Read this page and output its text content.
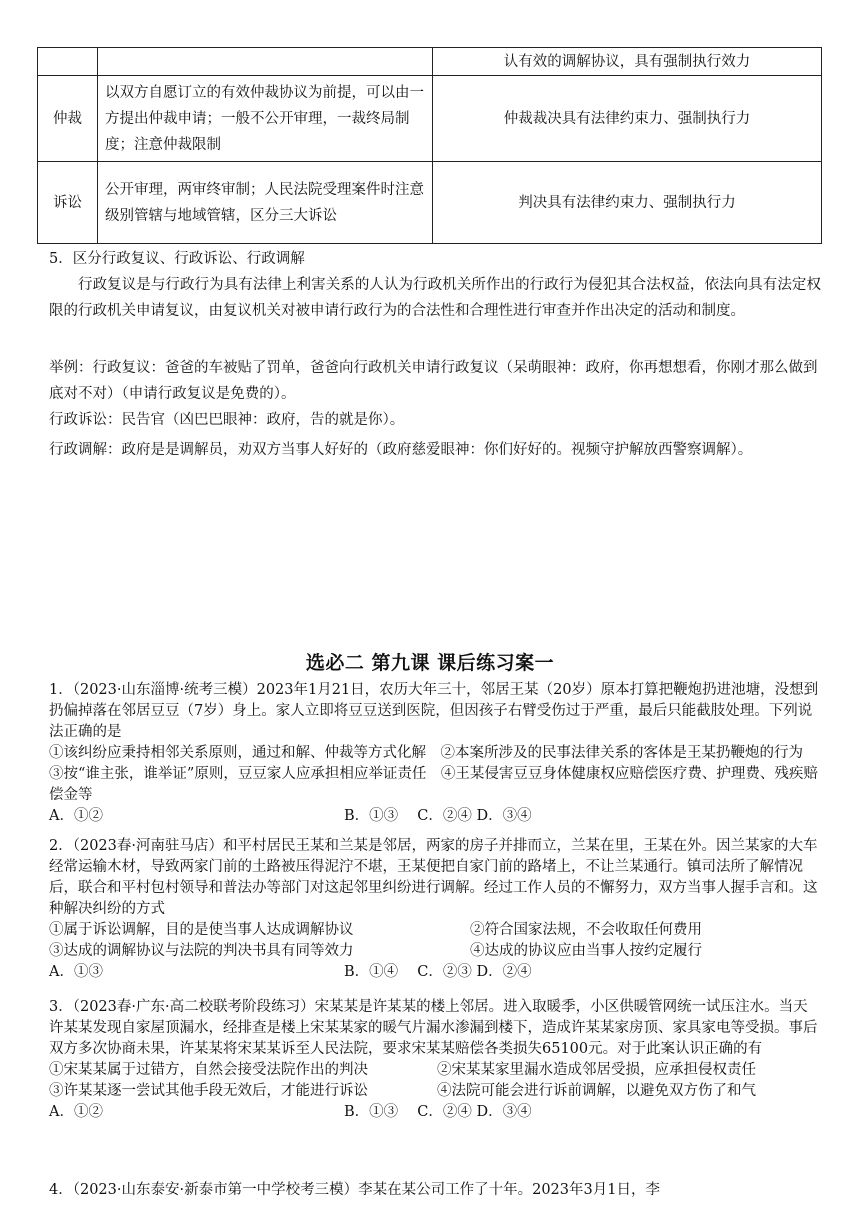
		认有效的调解协议，具有强制执行效力
仲裁	以双方自愿订立的有效仲裁协议为前提，可以由一方提出仲裁申请；一般不公开审理，一裁终局制度；注意仲裁限制	仲裁裁决具有法律约束力、强制执行力
诉讼	公开审理，两审终审制；人民法院受理案件时注意级别管辖与地域管辖，区分三大诉讼	判决具有法律约束力、强制执行力
5．区分行政复议、行政诉讼、行政调解
行政复议是与行政行为具有法律上利害关系的人认为行政机关所作出的行政行为侵犯其合法权益，依法向具有法定权限的行政机关申请复议，由复议机关对被申请行政行为的合法性和合理性进行审查并作出决定的活动和制度。
举例：行政复议：爸爸的车被贴了罚单，爸爸向行政机关申请行政复议（呆萌眼神：政府，你再想想看，你刚才那么做到底对不对）（申请行政复议是免费的）。
行政诉讼：民告官（凶巴巴眼神：政府，告的就是你）。
行政调解：政府是是调解员，劝双方当事人好好的（政府慈爱眼神：你们好好的。视频守护解放西警察调解）。
选必二 第九课 课后练习案一

1．（2023·山东淄博·统考三模）2023年1月21日，农历大年三十，邻居王某（20岁）原本打算把鞭炮扔进池塘，没想到扔偏掉落在邻居豆豆（7岁）身上。家人立即将豆豆送到医院，但因孩子右臂受伤过于严重，最后只能截肢处理。下列说法正确的是

①该纠纷应秉持相邻关系原则，通过和解、仲裁等方式化解　②本案所涉及的民事法律关系的客体是王某扔鞭炮的行为　③按“谁主张，谁举证”原则，豆豆家人应承担相应举证责任　④王某侵害豆豆身体健康权应赔偿医疗费、护理费、残疾赔偿金等

A．①②	B．①③　 C．②④ D．③④

2．（2023春·河南驻马店）和平村居民王某和兰某是邻居，两家的房子并排而立，兰某在里，王某在外。因兰某家的大车经常运输木材，导致两家门前的土路被压得泥泞不堪，王某便把自家门前的路堵上，不让兰某通行。镇司法所了解情况后，联合和平村包村领导和普法办等部门对这起邻里纠纷进行调解。经过工作人员的不懈努力，双方当事人握手言和。这种解决纠纷的方式

①属于诉讼调解，目的是使当事人达成调解协议	②符合国家法规，不会收取任何费用
③达成的调解协议与法院的判决书具有同等效力	④达成的协议应由当事人按约定履行
A．①③	B．①④　 C．②③ D．②④

3．（2023春·广东·高二校联考阶段练习）宋某某是许某某的楼上邻居。进入取暖季，小区供暖管网统一试压注水。当天许某某发现自家屋顶漏水，经排查是楼上宋某某家的暖气片漏水渗漏到楼下，造成许某某家房顶、家具家电等受损。事后双方多次协商未果，许某某将宋某某诉至人民法院，要求宋某某赔偿各类损失65100元。对于此案认识正确的有

①宋某某属于过错方，自然会接受法院作出的判决	②宋某某家里漏水造成邻居受损，应承担侵权责任
③许某某逐一尝试其他手段无效后，才能进行诉讼	④法院可能会进行诉前调解，以避免双方伤了和气
A．①②	B．①③　 C．②④ D．③④

4．（2023·山东泰安·新泰市第一中学校考三模）李某在某公司工作了十年。2023年3月1日，李
